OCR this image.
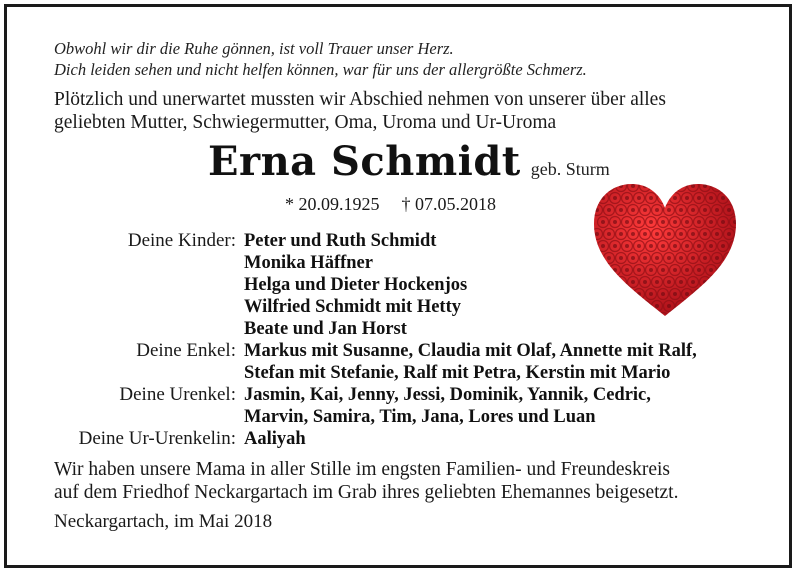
Obwohl wir dir die Ruhe gönnen, ist voll Trauer unser Herz.
Dich leiden sehen und nicht helfen können, war für uns der allergrößte Schmerz.
Plötzlich und unerwartet mussten wir Abschied nehmen von unserer über alles
geliebten Mutter, Schwiegermutter, Oma, Uroma und Ur-Uroma
Erna Schmidt geb. Sturm
* 20.09.1925 † 07.05.2018
Deine Kinder: Peter und Ruth Schmidt
Monika Häffner
Helga und Dieter Hockenjos
Wilfried Schmidt mit Hetty
Beate und Jan Horst
Deine Enkel: Markus mit Susanne, Claudia mit Olaf, Annette mit Ralf,
Stefan mit Stefanie, Ralf mit Petra, Kerstin mit Mario
Deine Urenkel: Jasmin, Kai, Jenny, Jessi, Dominik, Yannik, Cedric,
Marvin, Samira, Tim, Jana, Lores und Luan
Deine Ur-Urenkelin: Aaliyah
Wir haben unsere Mama in aller Stille im engsten Familien- und Freundeskreis
auf dem Friedhof Neckargartach im Grab ihres geliebten Ehemannes beigesetzt.
Neckargartach, im Mai 2018
